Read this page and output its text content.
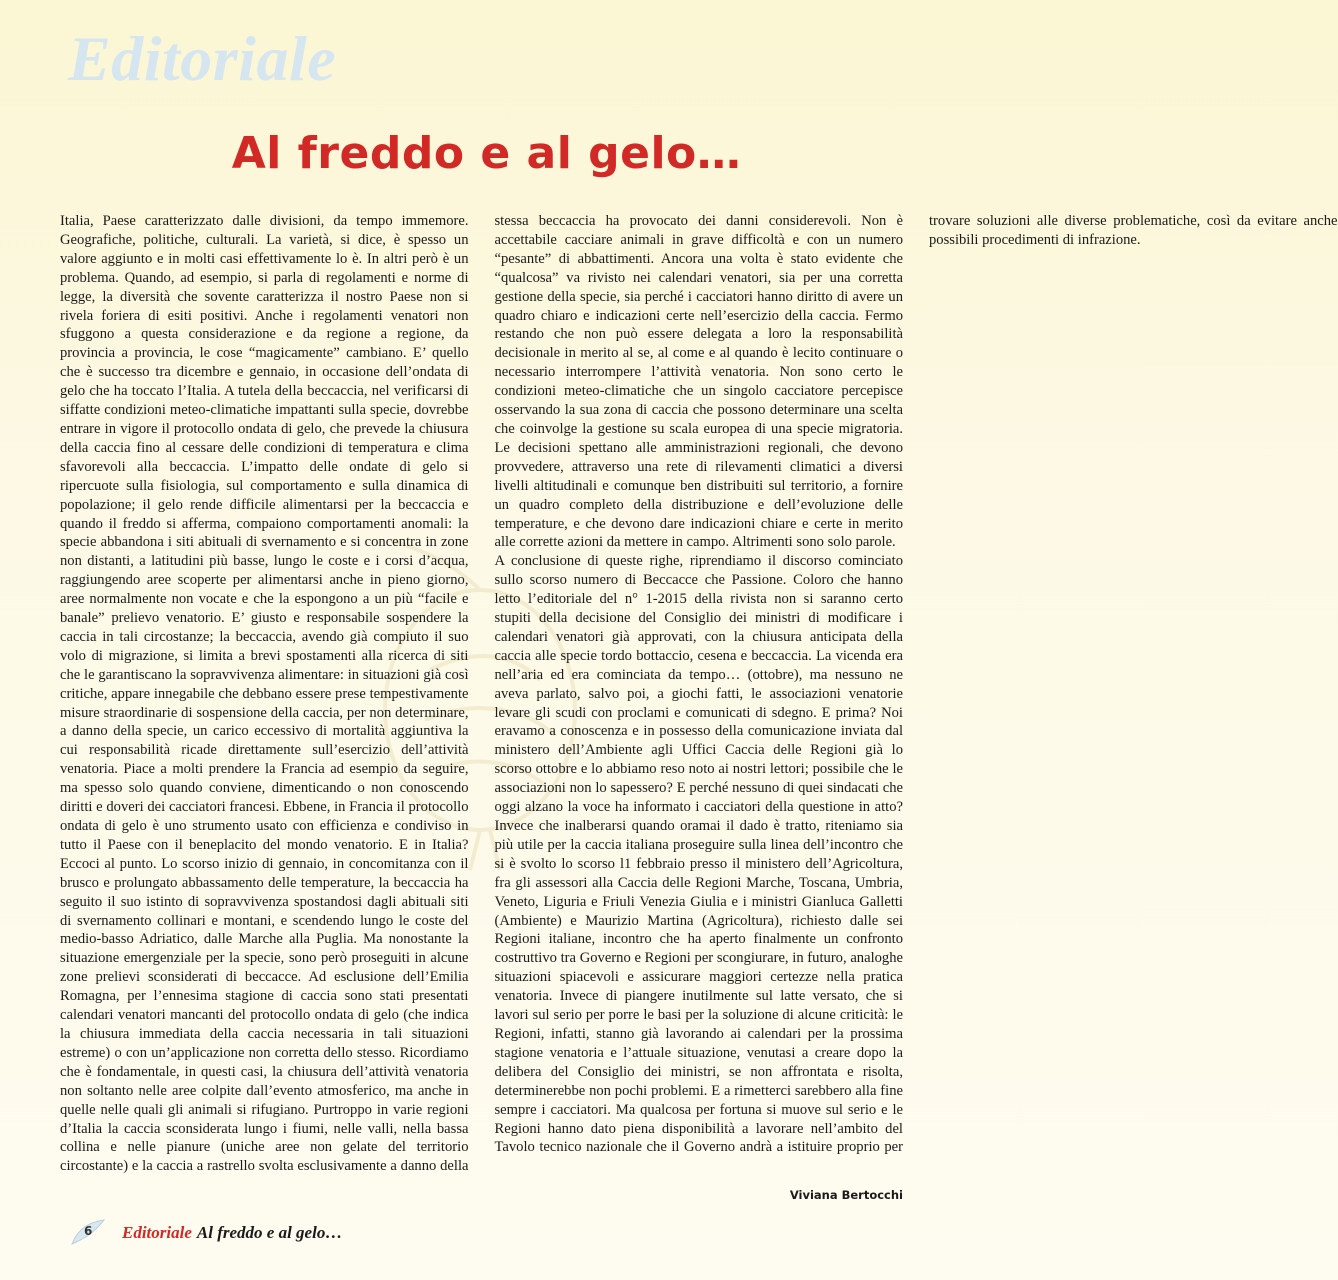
Editoriale
Al freddo e al gelo…

Italia, Paese caratterizzato dalle divisioni, da tempo immemore. Geografiche, politiche, culturali. La varietà, si dice, è spesso un valore aggiunto e in molti casi effettivamente lo è. In altri però è un problema. Quando, ad esempio, si parla di regolamenti e norme di legge, la diversità che sovente caratterizza il nostro Paese non si rivela foriera di esiti positivi. Anche i regolamenti venatori non sfuggono a questa considerazione e da regione a regione, da provincia a provincia, le cose “magicamente” cambiano. E’ quello che è successo tra dicembre e gennaio, in occasione dell’ondata di gelo che ha toccato l’Italia. A tutela della beccaccia, nel verificarsi di siffatte condizioni meteo-climatiche impattanti sulla specie, dovrebbe entrare in vigore il protocollo ondata di gelo, che prevede la chiusura della caccia fino al cessare delle condizioni di temperatura e clima sfavorevoli alla beccaccia. L’impatto delle ondate di gelo si ripercuote sulla fisiologia, sul comportamento e sulla dinamica di popolazione; il gelo rende difficile alimentarsi per la beccaccia e quando il freddo si afferma, compaiono comportamenti anomali: la specie abbandona i siti abituali di svernamento e si concentra in zone non distanti, a latitudini più basse, lungo le coste e i corsi d’acqua, raggiungendo aree scoperte per alimentarsi anche in pieno giorno, aree normalmente non vocate e che la espongono a un più “facile e banale” prelievo venatorio. E’ giusto e responsabile sospendere la caccia in tali circostanze; la beccaccia, avendo già compiuto il suo volo di migrazione, si limita a brevi spostamenti alla ricerca di siti che le garantiscano la sopravvivenza alimentare: in situazioni già così critiche, appare innegabile che debbano essere prese tempestivamente misure straordinarie di sospensione della caccia, per non determinare, a danno della specie, un carico eccessivo di mortalità aggiuntiva la cui responsabilità ricade direttamente sull’esercizio dell’attività venatoria. Piace a molti prendere la Francia ad esempio da seguire, ma spesso solo quando conviene, dimenticando o non conoscendo diritti e doveri dei cacciatori francesi. Ebbene, in Francia il protocollo ondata di gelo è uno strumento usato con efficienza e condiviso in tutto il Paese con il beneplacito del mondo venatorio. E in Italia? Eccoci al punto. Lo scorso inizio di gennaio, in concomitanza con il brusco e prolungato abbassamento delle temperature, la beccaccia ha seguito il suo istinto di sopravvivenza spostandosi dagli abituali siti di svernamento collinari e montani, e scendendo lungo le coste del medio-basso Adriatico, dalle Marche alla Puglia. Ma nonostante la situazione emergenziale per la specie, sono però proseguiti in alcune zone prelievi sconsiderati di beccacce. Ad esclusione dell’Emilia Romagna, per l’ennesima stagione di caccia sono stati presentati calendari venatori mancanti del protocollo ondata di gelo (che indica la chiusura immediata della caccia necessaria in tali situazioni estreme) o con un’applicazione non corretta dello stesso. Ricordiamo che è fondamentale, in questi casi, la chiusura dell’attività venatoria non soltanto nelle aree colpite dall’evento atmosferico, ma anche in quelle nelle quali gli animali si rifugiano. Purtroppo in varie regioni d’Italia la caccia sconsiderata lungo i fiumi, nelle valli, nella bassa collina e nelle pianure (uniche aree non gelate del territorio circostante) e la caccia a rastrello svolta esclusivamente a danno della stessa beccaccia ha provocato dei danni considerevoli. Non è accettabile cacciare animali in grave difficoltà e con un numero “pesante” di abbattimenti. Ancora una volta è stato evidente che “qualcosa” va rivisto nei calendari venatori, sia per una corretta gestione della specie, sia perché i cacciatori hanno diritto di avere un quadro chiaro e indicazioni certe nell’esercizio della caccia. Fermo restando che non può essere delegata a loro la responsabilità decisionale in merito al se, al come e al quando è lecito continuare o necessario interrompere l’attività venatoria. Non sono certo le condizioni meteo-climatiche che un singolo cacciatore percepisce osservando la sua zona di caccia che possono determinare una scelta che coinvolge la gestione su scala europea di una specie migratoria. Le decisioni spettano alle amministrazioni regionali, che devono provvedere, attraverso una rete di rilevamenti climatici a diversi livelli altitudinali e comunque ben distribuiti sul territorio, a fornire un quadro completo della distribuzione e dell’evoluzione delle temperature, e che devono dare indicazioni chiare e certe in merito alle corrette azioni da mettere in campo. Altrimenti sono solo parole.

A conclusione di queste righe, riprendiamo il discorso cominciato sullo scorso numero di Beccacce che Passione. Coloro che hanno letto l’editoriale del n° 1-2015 della rivista non si saranno certo stupiti della decisione del Consiglio dei ministri di modificare i calendari venatori già approvati, con la chiusura anticipata della caccia alle specie tordo bottaccio, cesena e beccaccia. La vicenda era nell’aria ed era cominciata da tempo… (ottobre), ma nessuno ne aveva parlato, salvo poi, a giochi fatti, le associazioni venatorie levare gli scudi con proclami e comunicati di sdegno. E prima? Noi eravamo a conoscenza e in possesso della comunicazione inviata dal ministero dell’Ambiente agli Uffici Caccia delle Regioni già lo scorso ottobre e lo abbiamo reso noto ai nostri lettori; possibile che le associazioni non lo sapessero? E perché nessuno di quei sindacati che oggi alzano la voce ha informato i cacciatori della questione in atto? Invece che inalberarsi quando oramai il dado è tratto, riteniamo sia più utile per la caccia italiana proseguire sulla linea dell’incontro che si è svolto lo scorso l1 febbraio presso il ministero dell’Agricoltura, fra gli assessori alla Caccia delle Regioni Marche, Toscana, Umbria, Veneto, Liguria e Friuli Venezia Giulia e i ministri Gianluca Galletti (Ambiente) e Maurizio Martina (Agricoltura), richiesto dalle sei Regioni italiane, incontro che ha aperto finalmente un confronto costruttivo tra Governo e Regioni per scongiurare, in futuro, analoghe situazioni spiacevoli e assicurare maggiori certezze nella pratica venatoria. Invece di piangere inutilmente sul latte versato, che si lavori sul serio per porre le basi per la soluzione di alcune criticità: le Regioni, infatti, stanno già lavorando ai calendari per la prossima stagione venatoria e l’attuale situazione, venutasi a creare dopo la delibera del Consiglio dei ministri, se non affrontata e risolta, determinerebbe non pochi problemi. E a rimetterci sarebbero alla fine sempre i cacciatori. Ma qualcosa per fortuna si muove sul serio e le Regioni hanno dato piena disponibilità a lavorare nell’ambito del Tavolo tecnico nazionale che il Governo andrà a istituire proprio per trovare soluzioni alle diverse problematiche, così da evitare anche possibili procedimenti di infrazione.

Viviana Bertocchi
6 Editoriale Al freddo e al gelo…
